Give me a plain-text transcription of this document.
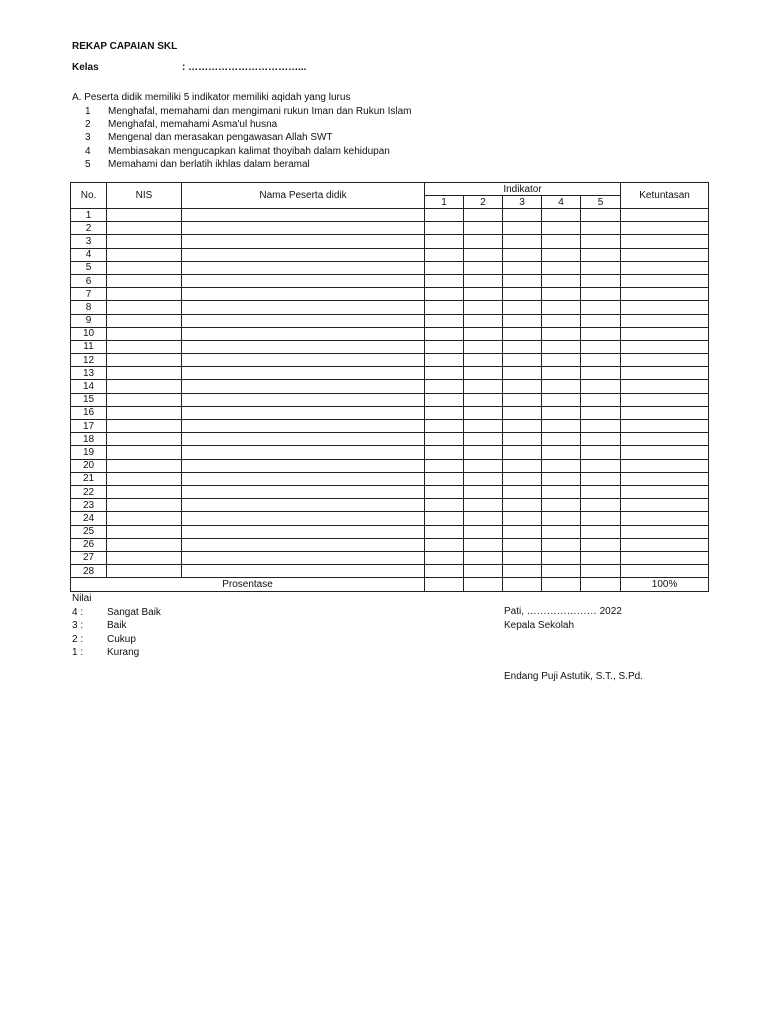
REKAP CAPAIAN SKL
Kelas	: ……………………………...
A. Peserta didik memiliki 5 indikator memiliki aqidah yang lurus
1 Menghafal, memahami dan mengimani rukun Iman dan Rukun Islam
2 Menghafal, memahami Asma'ul husna
3 Mengenal dan merasakan pengawasan Allah SWT
4 Membiasakan mengucapkan kalimat thoyibah dalam kehidupan
5 Memahami dan berlatih ikhlas dalam beramal
No.	NIS	Nama Peserta didik	Indikator					Ketuntasan
			1	2	3	4	5	
1								
2								
3								
4								
5								
6								
7								
8								
9								
10								
11								
12								
13								
14								
15								
16								
17								
18								
19								
20								
21								
22								
23								
24								
25								
26								
27								
28								
Prosentase								100%
Nilai
4 : Sangat Baik
3 : Baik
2 : Cukup
1 : Kurang
Pati, ………………… 2022
Kepala Sekolah
Endang Puji Astutik, S.T., S.Pd.
